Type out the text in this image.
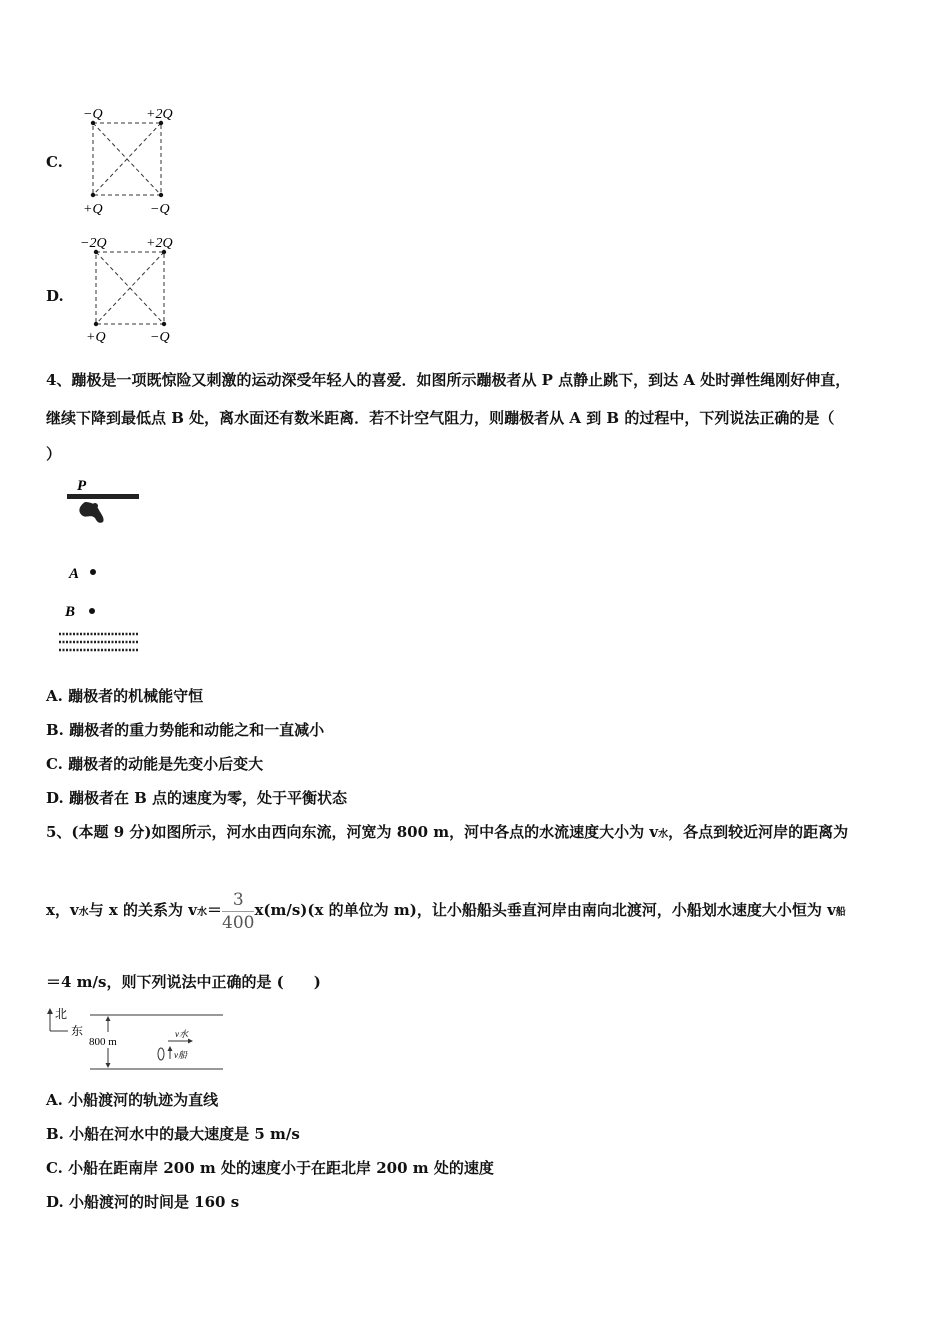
C.
−Q	+2Q
+Q	−Q
D.
−2Q	+2Q
+Q	−Q
4、蹦极是一项既惊险又刺激的运动深受年轻人的喜爱．如图所示蹦极者从 P 点静止跳下，到达 A 处时弹性绳刚好伸直，
继续下降到最低点 B 处，离水面还有数米距离．若不计空气阻力，则蹦极者从 A 到 B 的过程中，下列说法正确的是（
）
P
A
B
A. 蹦极者的机械能守恒
B. 蹦极者的重力势能和动能之和一直减小
C. 蹦极者的动能是先变小后变大
D. 蹦极者在 B 点的速度为零，处于平衡状态
5、(本题 9 分)如图所示，河水由西向东流，河宽为 800 m，河中各点的水流速度大小为 v水，各点到较近河岸的距离为
x，v水与 x 的关系为 v水＝ $\frac{3}{400} x(m/s)(x$ 的单位为 m)，让小船船头垂直河岸由南向北渡河，小船划水速度大小恒为 v船
＝4 m/s，则下列说法中正确的是 (　　)
北
东
800 m
v水
v船
A. 小船渡河的轨迹为直线
B. 小船在河水中的最大速度是 5 m/s
C. 小船在距南岸 200 m 处的速度小于在距北岸 200 m 处的速度
D. 小船渡河的时间是 160 s
